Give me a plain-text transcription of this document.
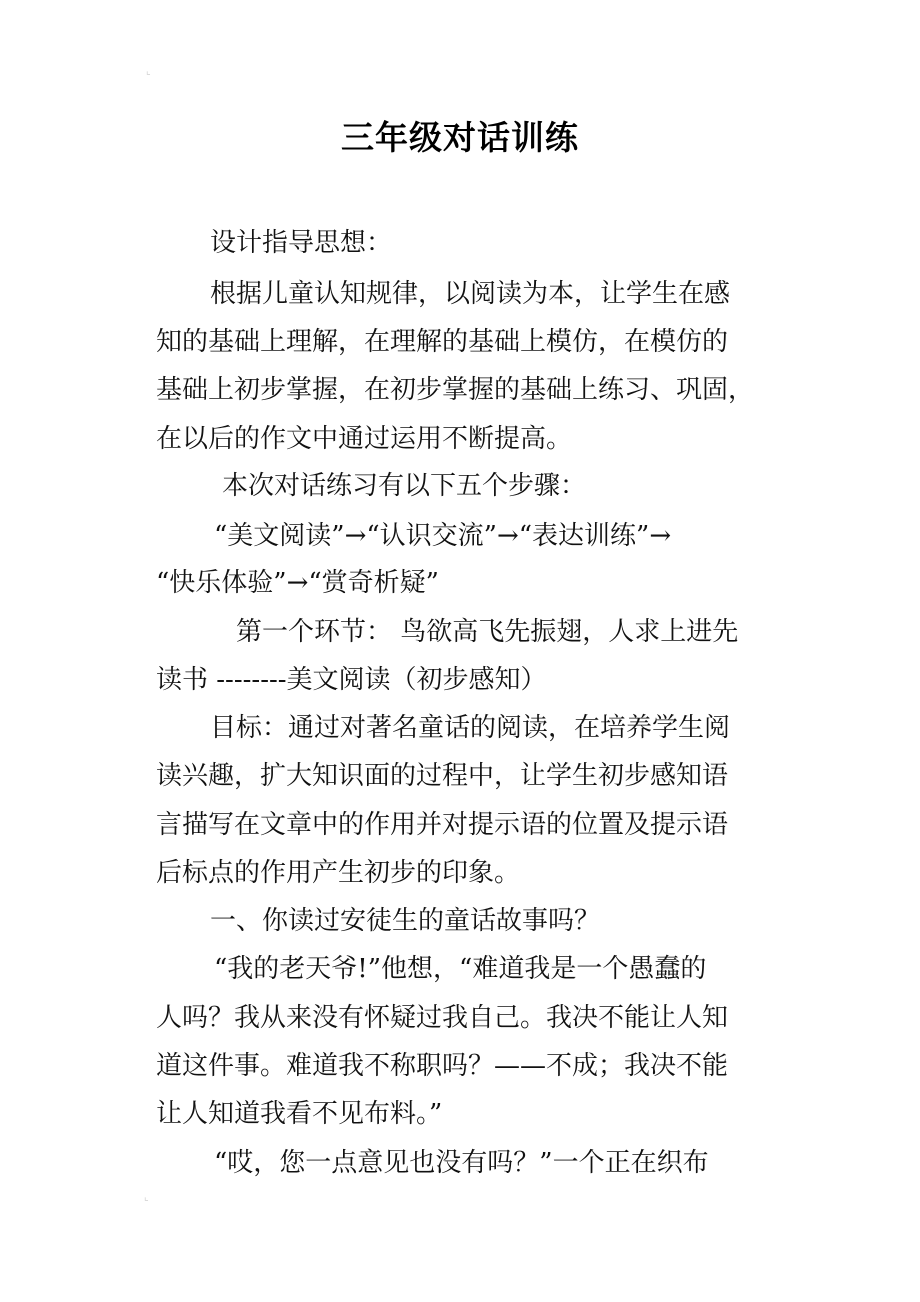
⌞
三年级对话训练

设计指导思想：

根据儿童认知规律，以阅读为本，让学生在感

知的基础上理解，在理解的基础上模仿，在模仿的

基础上初步掌握，在初步掌握的基础上练习、巩固，

在以后的作文中通过运用不断提高。

本次对话练习有以下五个步骤：

“美文阅读”→“认识交流”→“表达训练”→

“快乐体验”→“赏奇析疑”

第一个环节： 鸟欲高飞先振翅，人求上进先

读书 --------美文阅读（初步感知）

目标：通过对著名童话的阅读，在培养学生阅

读兴趣，扩大知识面的过程中，让学生初步感知语

言描写在文章中的作用并对提示语的位置及提示语

后标点的作用产生初步的印象。

一、你读过安徒生的童话故事吗？

“我的老天爷!”他想，“难道我是一个愚蠢的

人吗？我从来没有怀疑过我自己。我决不能让人知

道这件事。难道我不称职吗？——不成；我决不能

让人知道我看不见布料。”

“哎，您一点意见也没有吗？”一个正在织布

⌞
